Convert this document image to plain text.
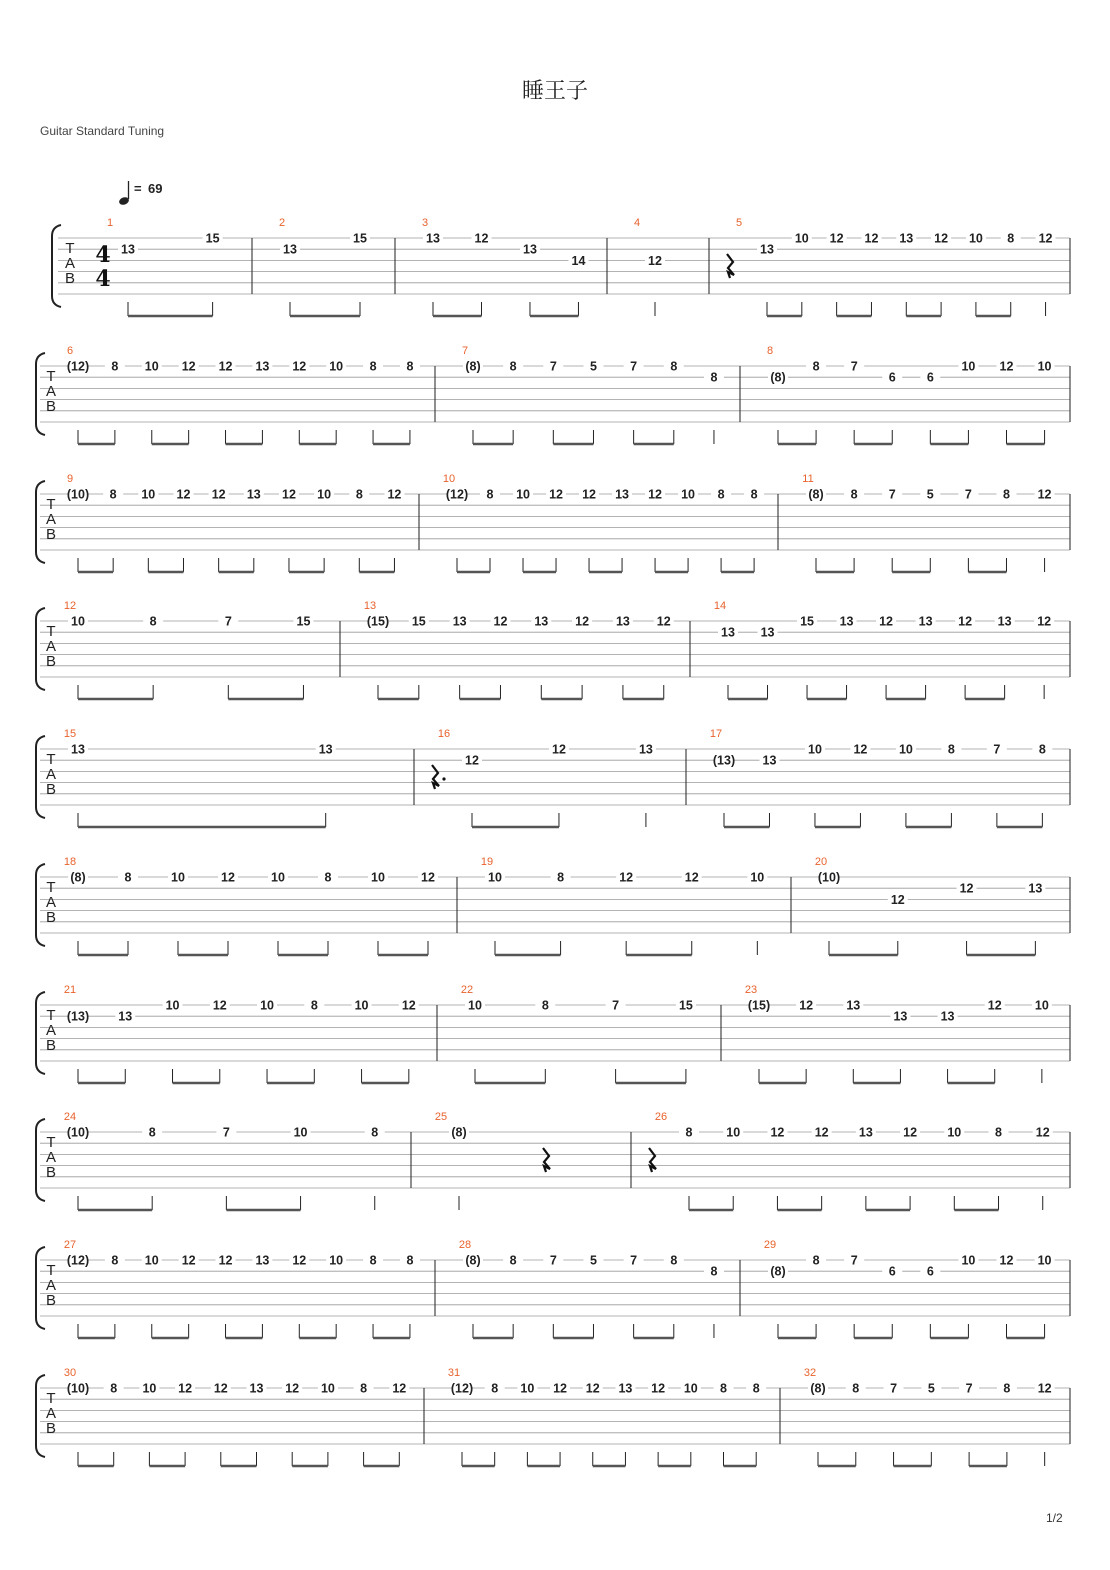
睡王子
Guitar Standard Tuning
= 69
T
A
B
4
4
1
13
15
2
13
15
3
13	12
13
14
4
12
5
13
10 12 12 13 12 10 8 12
T
A
B
6
(12) 8 10 12 12 13 12 10 8 8
7
(8) 8	7	5	7	8
8
8
(8)
8 7
6 6
10 12 10
T
A
B
9
(10) 8 10 12 12 13 12 10 8 12
10
(12) 8 10 12 12 13 12 10 8 8
11
(8) 8 7 5 7 8 12
T
A
B
12
10	8	7	15
13
(15) 15 13 12 13 12 13 12
14
13 13
15 13 12 13 12 13 12
T
A
B
15
13	13
16
12
12	13
17
(13) 13
10	12	10	8	7	8
T
A
B
18
(8)	8	10	12	10	8	10	12
19
10	8	12	12	10
20
(10)
12
12	13
T
A
B
21
(13) 13
10	12	10	8	10	12
22
10	8	7	15
23
(15) 12	13
13	13
12	10
T
A
B
24
(10)	8	7	10	8
25
(8)
26
8	10 12 12 13 12 10	8	12
T
A
B
27
(12) 8 10 12 12 13 12 10 8 8
28
(8) 8	7	5	7	8
8
29
(8)
8 7
6 6
10 12 10
T
A
B
30
(10) 8 10 12 12 13 12 10 8 12
31
(12) 8 10 12 12 13 12 10 8 8
32
(8) 8 7 5 7 8 12
1/2
